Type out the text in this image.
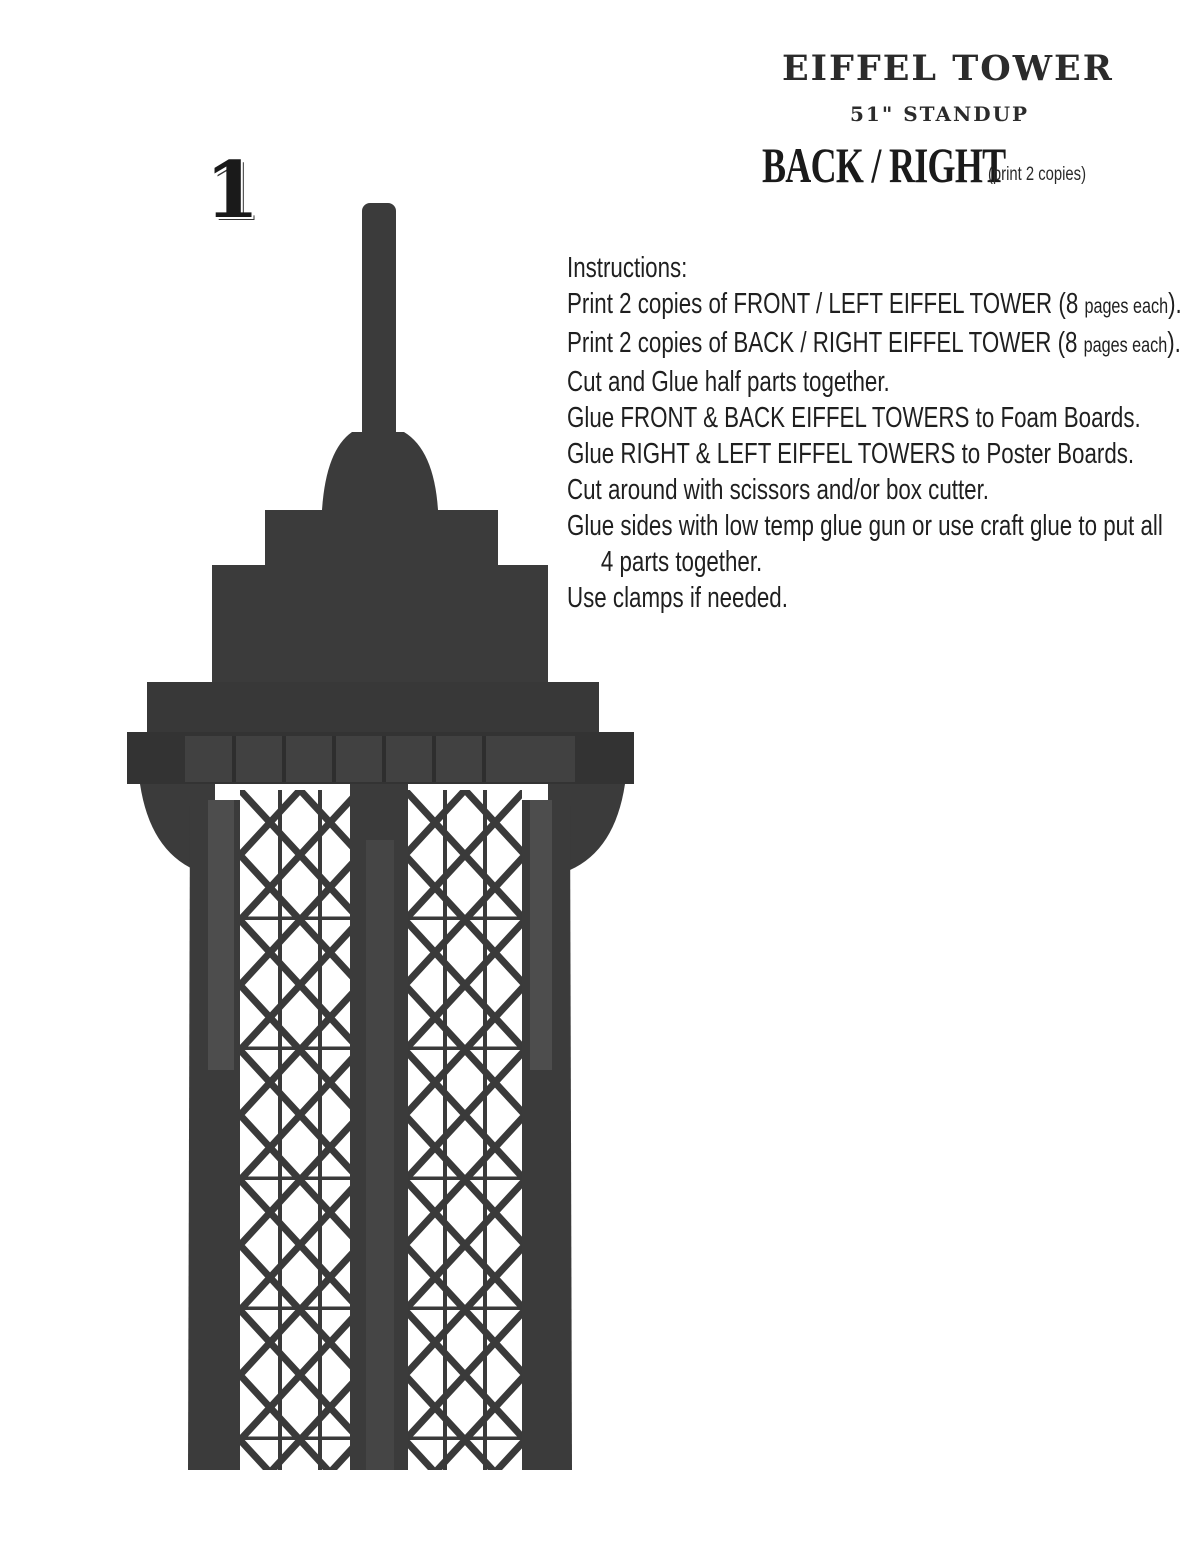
1
EIFFEL TOWER
51" STANDUP
BACK / RIGHT
(print 2 copies)
Instructions:
Print 2 copies of FRONT / LEFT EIFFEL TOWER (8 pages each).
Print 2 copies of BACK / RIGHT EIFFEL TOWER (8 pages each).
Cut and Glue half parts together.
Glue FRONT & BACK EIFFEL TOWERS to Foam Boards.
Glue RIGHT & LEFT EIFFEL TOWERS to Poster Boards.
Cut around with scissors and/or box cutter.
Glue sides with low temp glue gun or use craft glue to put all
4 parts together.
Use clamps if needed.
